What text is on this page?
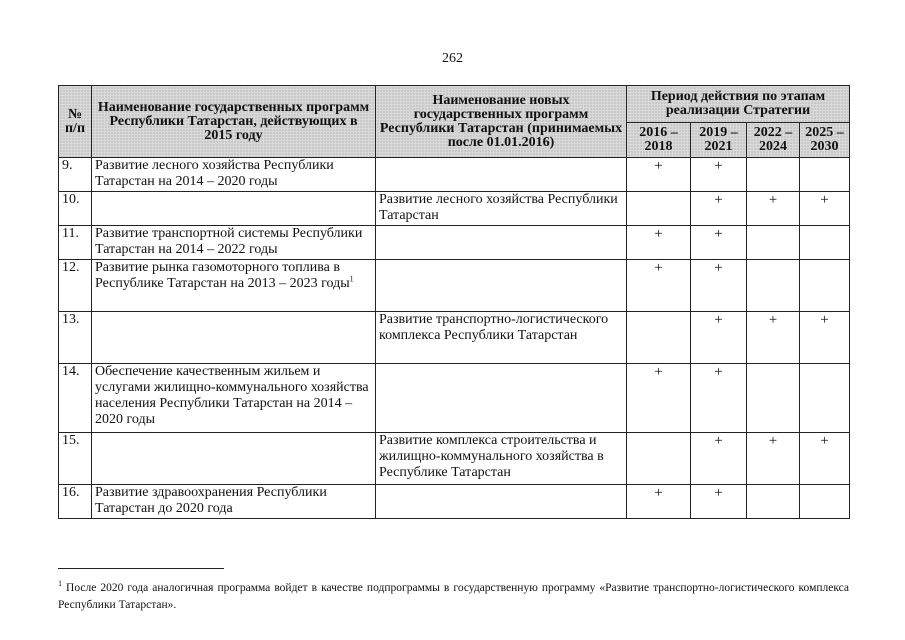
262
№ п/п	Наименование государственных программ Республики Татарстан, действующих в 2015 году	Наименование новых государственных программ Республики Татарстан (принимаемых после 01.01.2016)	Период действия по этапам реализации Стратегии			
			2016 – 2018	2019 – 2021	2022 – 2024	2025 – 2030
9.	Развитие лесного хозяйства Республики Татарстан на 2014 – 2020 годы		+	+		
10.		Развитие лесного хозяйства Республики Татарстан		+	+	+
11.	Развитие транспортной системы Республики Татарстан на 2014 – 2022 годы		+	+		
12.	Развитие рынка газомоторного топлива в Республике Татарстан на 2013 – 2023 годы$^1$		+	+		
13.		Развитие транспортно-логистического комплекса Республики Татарстан		+	+	+
14.	Обеспечение качественным жильем и услугами жилищно-коммунального хозяйства населения Республики Татарстан на 2014 – 2020 годы		+	+		
15.		Развитие комплекса строительства и жилищно-коммунального хозяйства в Республике Татарстан		+	+	+
16.	Развитие здравоохранения Республики Татарстан до 2020 года		+	+		
$^1$ После 2020 года аналогичная программа войдет в качестве подпрограммы в государственную программу «Развитие транспортно-логистического комплекса Республики Татарстан».
